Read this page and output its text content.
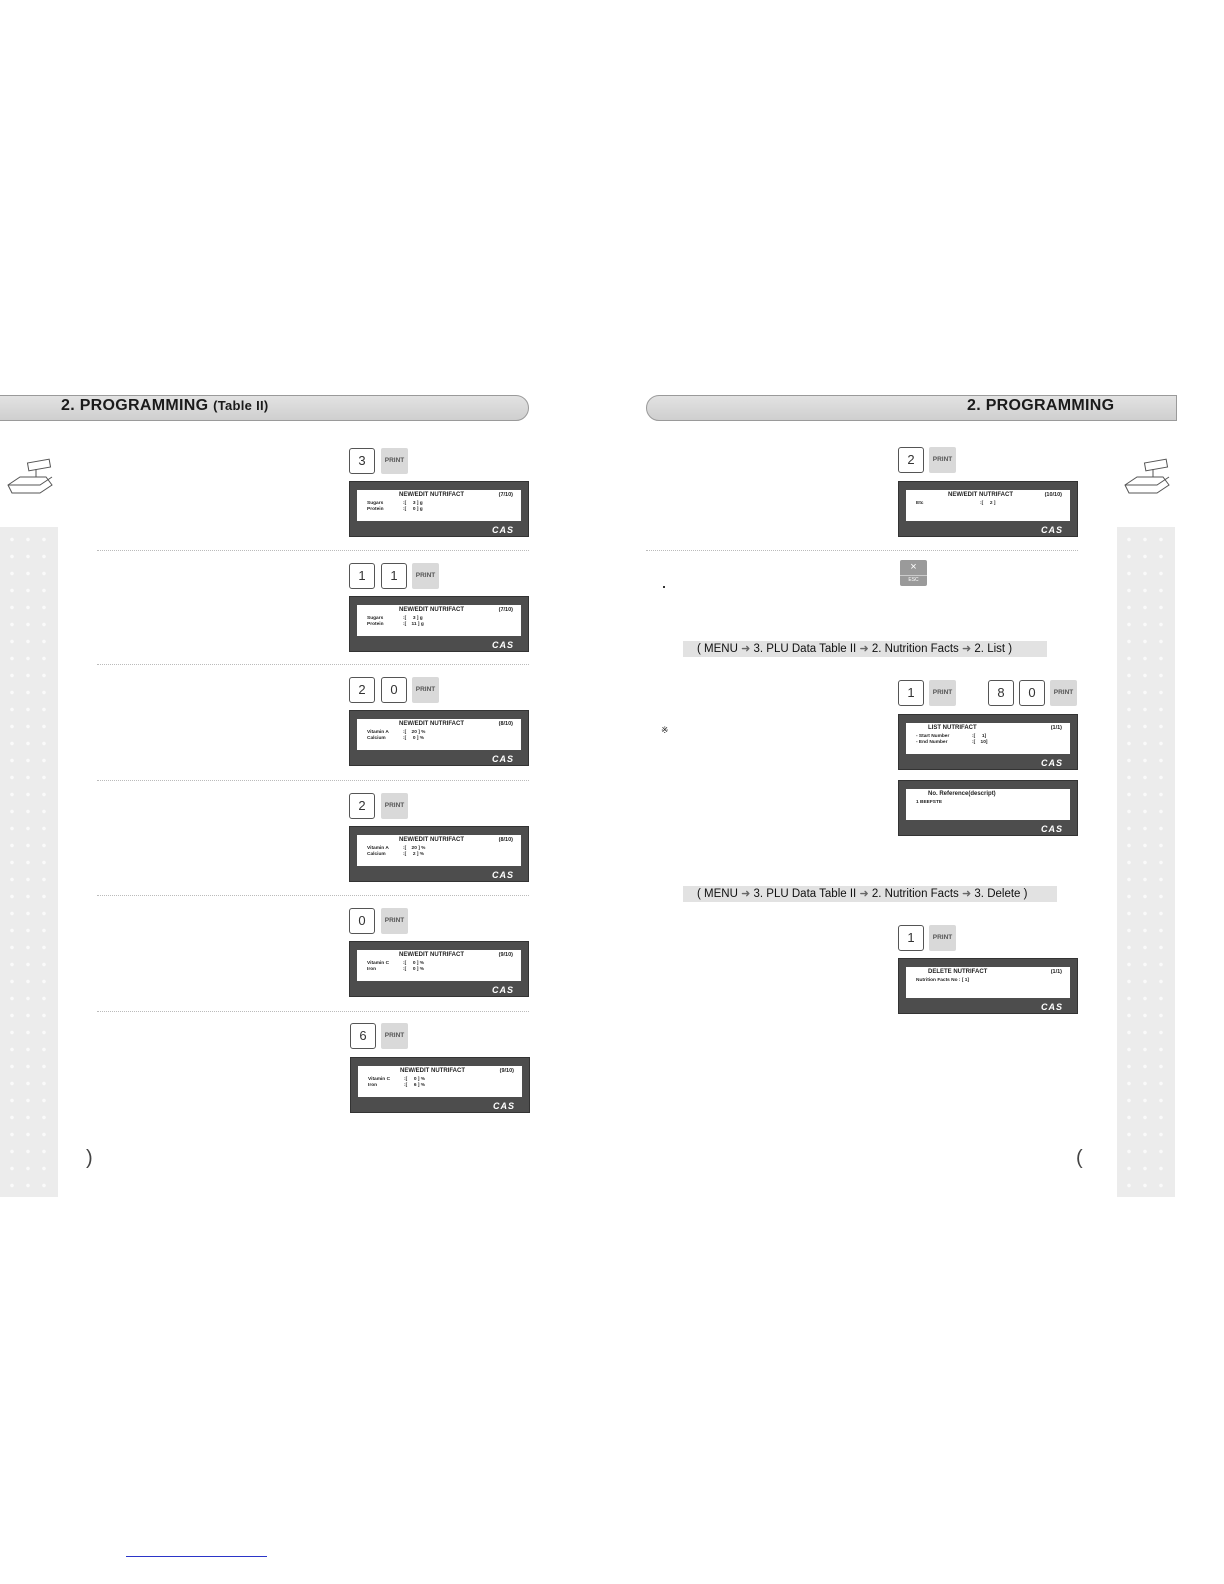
2. PROGRAMMING (Table II)
3	PRINT
NEW/EDIT NUTRIFACT	(7/10)
Sugars	:[     3 ] g
Protein	:[     0 ] g
CAS
1	1	PRINT
NEW/EDIT NUTRIFACT	(7/10)
Sugars	:[     3 ] g
Protein	:[    11 ] g
CAS
2	0	PRINT
NEW/EDIT NUTRIFACT	(8/10)
Vitamin A	:[    20 ] %
Calcium	:[     0 ] %
CAS
2	PRINT
NEW/EDIT NUTRIFACT	(8/10)
Vitamin A	:[    20 ] %
Calcium	:[     2 ] %
CAS
0	PRINT
NEW/EDIT NUTRIFACT	(9/10)
Vitamin C	:[     0 ] %
Iron	:[     0 ] %
CAS
6	PRINT
NEW/EDIT NUTRIFACT	(9/10)
Vitamin C	:[     0 ] %
Iron	:[     6 ] %
CAS
)
2. PROGRAMMING
2	PRINT
NEW/EDIT NUTRIFACT	(10/10)
Etc	:[     2 ]
CAS
×
ESC
( MENU ➜ 3. PLU Data Table II ➜ 2. Nutrition Facts ➜ 2. List )
1	PRINT	8	0	PRINT
※	LIST NUTRIFACT	(1/1)
- Start Number	:[     1]
- End Number	:[    10]
CAS
No. Reference(descript)
1 BEEFSTE
CAS
( MENU ➜ 3. PLU Data Table II ➜ 2. Nutrition Facts ➜ 3. Delete )
1	PRINT
DELETE NUTRIFACT	(1/1)
Nutrition Facts No : [ 1]
CAS
(
